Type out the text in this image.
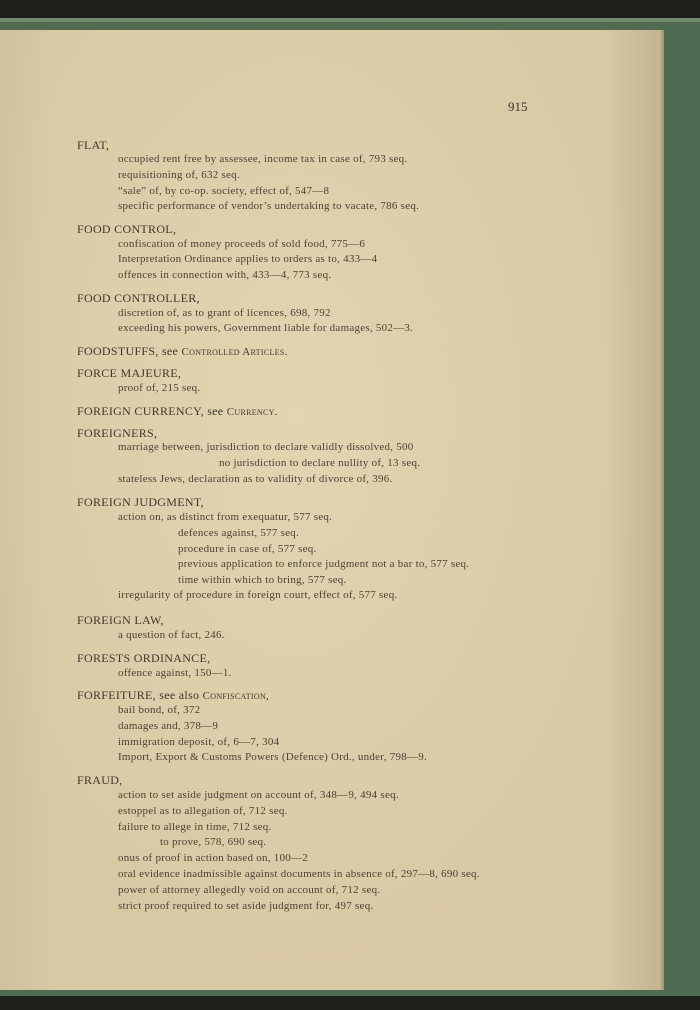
915
FLAT,
occupied rent free by assessee, income tax in case of, 793 seq.
requisitioning of, 632 seq.
“sale” of, by co-op. society, effect of, 547—8
specific performance of vendor’s undertaking to vacate, 786 seq.
FOOD CONTROL,
confiscation of money proceeds of sold food, 775—6
Interpretation Ordinance applies to orders as to, 433—4
offences in connection with, 433—4, 773 seq.
FOOD CONTROLLER,
discretion of, as to grant of licences, 698, 792
exceeding his powers, Government liable for damages, 502—3.
FOODSTUFFS, see Controlled Articles.
FORCE MAJEURE,
proof of, 215 seq.
FOREIGN CURRENCY, see Currency.
FOREIGNERS,
marriage between, jurisdiction to declare validly dissolved, 500
no jurisdiction to declare nullity of, 13 seq.
stateless Jews, declaration as to validity of divorce of, 396.
FOREIGN JUDGMENT,
action on, as distinct from exequatur, 577 seq.
defences against, 577 seq.
procedure in case of, 577 seq.
previous application to enforce judgment not a bar to, 577 seq.
time within which to bring, 577 seq.
irregularity of procedure in foreign court, effect of, 577 seq.
FOREIGN LAW,
a question of fact, 246.
FORESTS ORDINANCE,
offence against, 150—1.
FORFEITURE, see also Confiscation,
bail bond, of, 372
damages and, 378—9
immigration deposit, of, 6—7, 304
Import, Export & Customs Powers (Defence) Ord., under, 798—9.
FRAUD,
action to set aside judgment on account of, 348—9, 494 seq.
estoppel as to allegation of, 712 seq.
failure to allege in time, 712 seq.
to prove, 578, 690 seq.
onus of proof in action based on, 100—2
oral evidence inadmissible against documents in absence of, 297—8, 690 seq.
power of attorney allegedly void on account of, 712 seq.
strict proof required to set aside judgment for, 497 seq.
